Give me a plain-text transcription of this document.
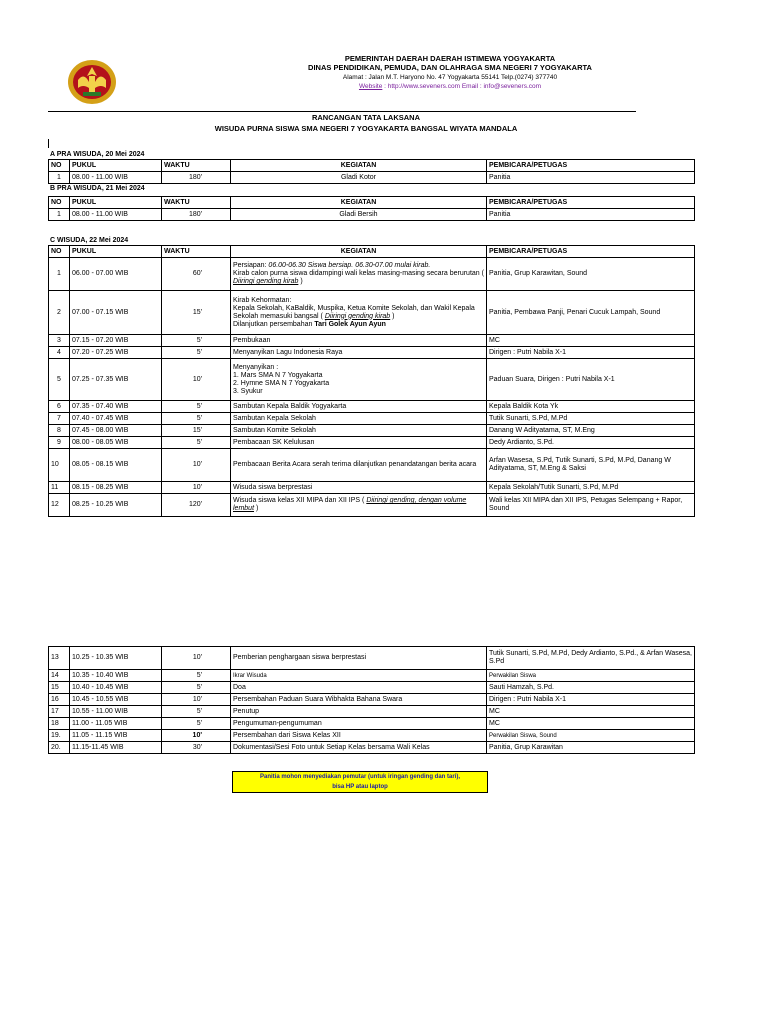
PEMERINTAH DAERAH DAERAH ISTIMEWA YOGYAKARTA
DINAS PENDIDIKAN, PEMUDA, DAN OLAHRAGA SMA NEGERI 7 YOGYAKARTA
Alamat : Jalan M.T. Haryono No. 47 Yogyakarta 55141 Telp.(0274) 377740
Website : http://www.seveners.com Email : info@seveners.com
RANCANGAN TATA LAKSANA
WISUDA PURNA SISWA SMA NEGERI 7 YOGYAKARTA BANGSAL WIYATA MANDALA
A PRA WISUDA, 20 Mei 2024
NO	PUKUL	WAKTU	KEGIATAN	PEMBICARA/PETUGAS
1	08.00 - 11.00 WIB	180'	Gladi Kotor	Panitia
B PRA WISUDA, 21 Mei 2024
NO	PUKUL	WAKTU	KEGIATAN	PEMBICARA/PETUGAS
1	08.00 - 11.00 WIB	180'	Gladi Bersih	Panitia
C WISUDA, 22 Mei 2024
NO	PUKUL	WAKTU	KEGIATAN	PEMBICARA/PETUGAS
1	06.00 - 07.00 WIB	60'	Persiapan: 06.00-06.30 Siswa bersiap. 06.30-07.00 mulai kirab.
Kirab calon purna siswa didampingi wali kelas masing-masing secara berurutan ( Diiringi gending kirab )	Panitia, Grup Karawitan, Sound
2	07.00 - 07.15 WIB	15'	Kirab Kehormatan:
Kepala Sekolah, KaBaldik, Muspika, Ketua Komite Sekolah, dan Wakil Kepala Sekolah memasuki bangsal ( Diiringi gending kirab )
Dilanjutkan persembahan Tari Golek Ayun Ayun	Panitia, Pembawa Panji, Penari Cucuk Lampah, Sound
3	07.15 - 07.20 WIB	5'	Pembukaan	MC
4	07.20 - 07.25 WIB	5'	Menyanyikan Lagu Indonesia Raya	Dirigen : Putri Nabila X-1
5	07.25 - 07.35 WIB	10'	Menyanyikan :
1. Mars SMA N 7 Yogyakarta
2. Hymne SMA N 7 Yogyakarta
3. Syukur	Paduan Suara, Dirigen : Putri Nabila X-1
6	07.35 - 07.40 WIB	5'	Sambutan Kepala Baldik Yogyakarta	Kepala Baldik Kota Yk
7	07.40 - 07.45 WIB	5'	Sambutan Kepala Sekolah	Tutik Sunarti, S.Pd, M.Pd
8	07.45 - 08.00 WIB	15'	Sambutan Komite Sekolah	Danang W Adityatama, ST, M.Eng
9	08.00 - 08.05 WIB	5'	Pembacaan SK Kelulusan	Dedy Ardianto, S.Pd.
10	08.05 - 08.15 WIB	10'	Pembacaan Berita Acara serah terima dilanjutkan penandatangan berita acara	Arfan Wasesa, S.Pd, Tutik Sunarti, S.Pd, M.Pd, Danang W Adityatama, ST, M.Eng & Saksi
11	08.15 - 08.25 WIB	10'	Wisuda siswa berprestasi	Kepala Sekolah/Tutik Sunarti, S.Pd, M.Pd
12	08.25 - 10.25 WIB	120'	Wisuda siswa kelas XII MIPA dan XII IPS ( Diiringi gending, dengan volume lembut )	Wali kelas XII MIPA dan XII IPS, Petugas Selempang + Rapor, Sound
13	10.25 - 10.35 WIB	10'	Pemberian penghargaan siswa berprestasi	Tutik Sunarti, S.Pd, M.Pd, Dedy Ardianto, S.Pd., & Arfan Wasesa, S.Pd
14	10.35 - 10.40 WIB	5'	Ikrar Wisuda	Perwakilan Siswa
15	10.40 - 10.45 WIB	5'	Doa	Sauti Hamzah, S.Pd.
16	10.45 - 10.55 WIB	10'	Persembahan Paduan Suara Wibhakta Bahana Swara	Dirigen : Putri Nabila X-1
17	10.55 - 11.00 WIB	5'	Penutup	MC
18	11.00 - 11.05 WIB	5'	Pengumuman-pengumuman	MC
19.	11.05 - 11.15 WIB	10'	Persembahan dari Siswa Kelas XII	Perwakilan Siswa, Sound
20.	11.15-11.45 WIB	30'	Dokumentasi/Sesi Foto untuk Setiap Kelas bersama Wali Kelas	Panitia, Grup Karawitan
Panitia mohon menyediakan pemutar (untuk iringan gending dan tari),
bisa HP atau laptop
